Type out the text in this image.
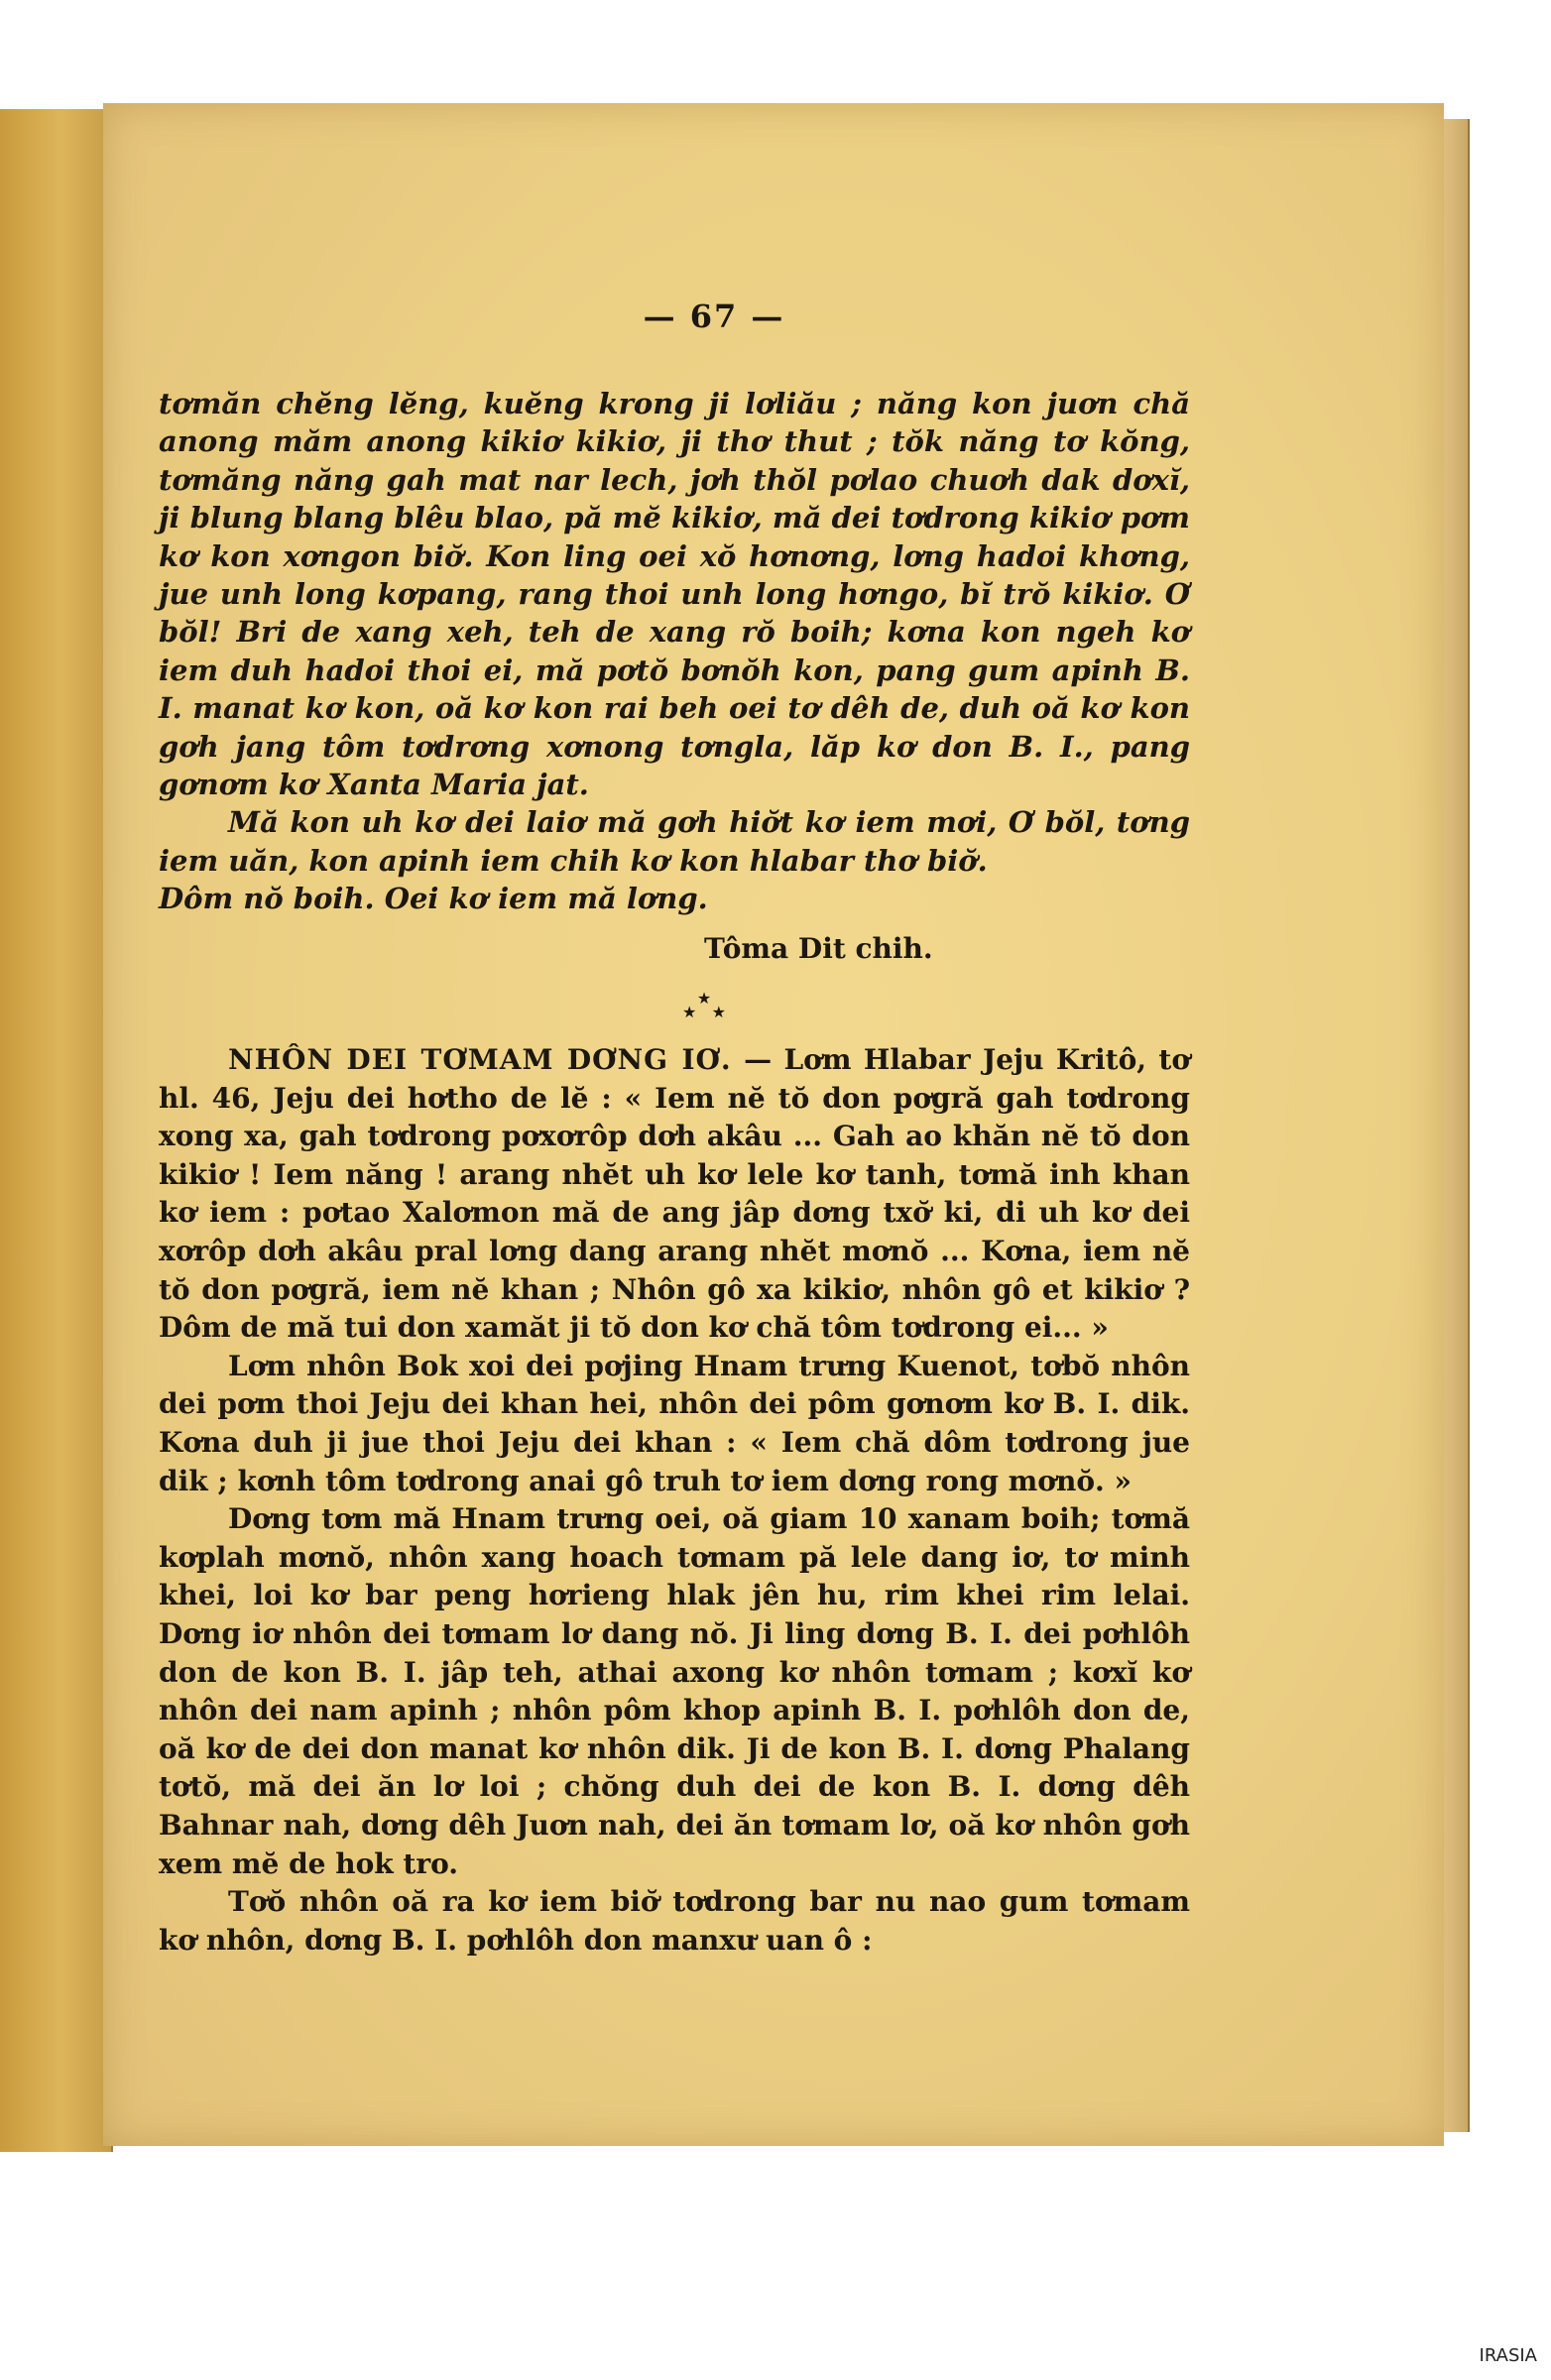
— 67 —

tơmăn chĕng lĕng, kuĕng krong ji lơliău ; năng kon juơn chă anong măm anong kikiơ kikiơ, ji thơ thut ; tŏk năng tơ kŏng, tơmăng năng gah mat nar lech, jơh thŏl pơlao chuơh dak dơxĭ, ji blung blang blêu blao, pă mĕ kikiơ, mă dei tơdrong kikiơ pơm kơ kon xơngon biơ̆. Kon ling oei xŏ hơnơng, lơng hadoi khơng, jue unh long kơpang, rang thoi unh long hơngo, bĭ trŏ kikiơ. Ơ bŏl! Bri de xang xeh, teh de xang rŏ boih; kơna kon ngeh kơ iem duh hadoi thoi ei, mă pơtŏ bơnŏh kon, pang gum apinh B. I. manat kơ kon, oă kơ kon rai beh oei tơ dêh de, duh oă kơ kon gơh jang tôm tơdrơng xơnong tơngla, lăp kơ don B. I., pang gơnơm kơ Xanta Maria jat.

Mă kon uh kơ dei laiơ mă gơh hiơ̆t kơ iem mơi, Ơ bŏl, tơng iem uăn, kon apinh iem chih kơ kon hlabar thơ biơ̆.

Dôm nŏ boih. Oei kơ iem mă lơng.

Tôma Dit chih.
★
★   ★

NHÔN DEI TƠMAM DƠNG IƠ. — Lơm Hlabar Jeju Kritô, tơ hl. 46, Jeju dei hơtho de lĕ : « Iem nĕ tŏ don pơgră gah tơdrong xong xa, gah tơdrong pơxơrôp dơh akâu ... Gah ao khăn nĕ tŏ don kikiơ ! Iem năng ! arang nhĕt uh kơ lele kơ tanh, tơmă inh khan kơ iem : pơtao Xalơmon mă de ang jâp dơng txơ̆ ki, di uh kơ dei xơrôp dơh akâu pral lơng dang arang nhĕt mơnŏ ... Kơna, iem nĕ tŏ don pơgră, iem nĕ khan ; Nhôn gô xa kikiơ, nhôn gô et kikiơ ? Dôm de mă tui don xamăt ji tŏ don kơ chă tôm tơdrong ei... »

Lơm nhôn Bok xoi dei pơjing Hnam trưng Kuenot, tơbŏ nhôn dei pơm thoi Jeju dei khan hei, nhôn dei pôm gơnơm kơ B. I. dik. Kơna duh ji jue thoi Jeju dei khan : « Iem chă dôm tơdrong jue dik ; kơnh tôm tơdrong anai gô truh tơ iem dơng rong mơnŏ. »

Dơng tơm mă Hnam trưng oei, oă giam 10 xanam boih; tơmă kơplah mơnŏ, nhôn xang hoach tơmam pă lele dang iơ, tơ minh khei, loi kơ bar peng hơrieng hlak jên hu, rim khei rim lelai. Dơng iơ nhôn dei tơmam lơ dang nŏ. Ji ling dơng B. I. dei pơhlôh don de kon B. I. jâp teh, athai axong kơ nhôn tơmam ; kơxĭ kơ nhôn dei nam apinh ; nhôn pôm khop apinh B. I. pơhlôh don de, oă kơ de dei don manat kơ nhôn dik. Ji de kon B. I. dơng Phalang tơtŏ, mă dei ăn lơ loi ; chŏng duh dei de kon B. I. dơng dêh Bahnar nah, dơng dêh Juơn nah, dei ăn tơmam lơ, oă kơ nhôn gơh xem mĕ de hok tro.

Tơŏ nhôn oă ra kơ iem biơ̆ tơdrong bar nu nao gum tơmam kơ nhôn, dơng B. I. pơhlôh don manxư uan ô :

IRASIA
